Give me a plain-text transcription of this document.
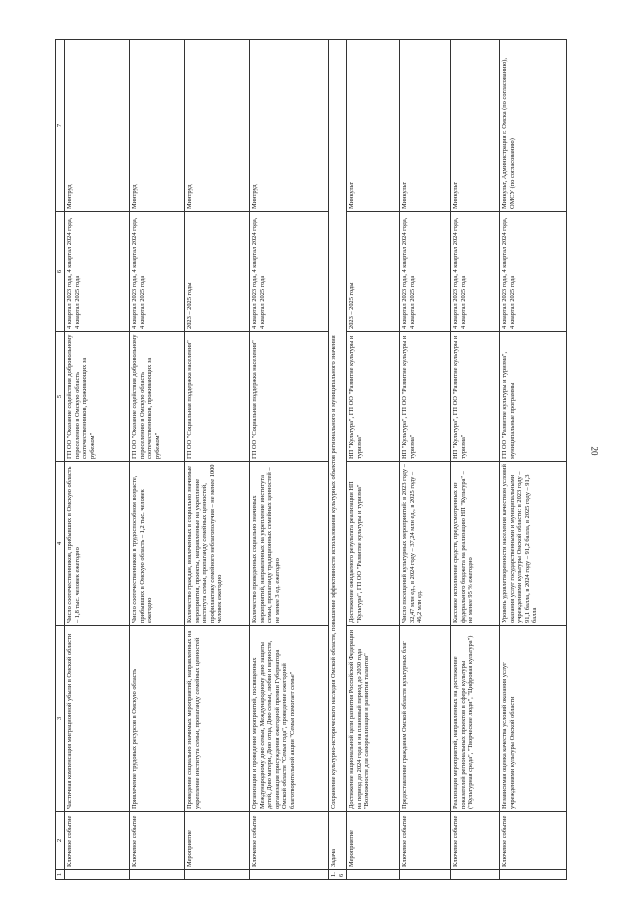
20
1	2	3	4	5	6	7
	Ключевое событие	Частичная компенсация миграционной убыли в Омской области	Число соотечественников, прибывших в Омскую область – 1,8 тыс. человек ежегодно	ГП ОО "Оказание содействия добровольному переселению в Омскую область соотечественников, проживающих за рубежом"	4 квартал 2023 года, 4 квартал 2024 года, 4 квартал 2025 года	Минтруд
	Ключевое событие	Привлечение трудовых ресурсов в Омскую область	Число соотечественников в трудоспособном возрасте, прибывших в Омскую область – 1,2 тыс. человек ежегодно	ГП ОО "Оказание содействия добровольному переселению в Омскую область соотечественников, проживающих за рубежом"	4 квартал 2023 года, 4 квартал 2024 года, 4 квартал 2025 года	Минтруд
	Мероприятие	Проведение социально значимых мероприятий, направленных на укрепление института семьи, пропаганду семейных ценностей	Количество граждан, вовлеченных в социально значимые мероприятия, проекты, направленные на укрепление института семьи, пропаганду семейных ценностей, профилактику семейного неблагополучия – не менее 1000 человек ежегодно	ГП ОО "Социальная поддержка населения"	2023 – 2025 годы	Минтруд
	Ключевое событие	Организация и проведение мероприятий, посвященных Международному дню семьи, Международному дню защиты детей, Дню матери, Дню отца, Дню семьи, любви и верности, организация присуждения ежегодной премии Губернатора Омской области "Семья года", проведение ежегодной благотворительной акции "Семья помогает семье"	Количество проведенных социально значимых мероприятий, направленных на укрепление института семьи, пропаганду традиционных семейных ценностей – не менее 3 ед. ежегодно	ГП ОО "Социальная поддержка населения"	4 квартал 2023 года, 4 квартал 2024 года, 4 квартал 2025 года	Минтруд
1.6	Задача	Сохранение культурно-исторического наследия Омской области, повышение эффективности использования культурных объектов регионального и муниципального значения				
	Мероприятие	Достижение национальной цели развития Российской Федерации на период до 2024 года и на плановый период до 2030 года "Возможности для самореализации и развития талантов"	Достижение ожидаемого результата реализации НП "Культура", ГП ОО "Развитие культуры и туризма"	НП "Культура", ГП ОО "Развитие культуры и туризма"	2023 – 2025 годы	Минкульт
	Ключевое событие	Предоставление гражданам Омской области культурных благ	Число посещений культурных мероприятий: в 2023 году – 32,47 млн ед., в 2024 году – 37,24 млн ед., в 2025 году – 46,2 млн ед.	НП "Культура", ГП ОО "Развитие культуры и туризма"	4 квартал 2023 года, 4 квартал 2024 года, 4 квартал 2025 года	Минкульт
	Ключевое событие	Реализация мероприятий, направленных на достижение показателей региональных проектов в сфере культуры ("Культурная среда", "Творческие люди", "Цифровая культура")	Кассовое исполнение средств, предусмотренных из федерального бюджета на реализацию НП "Культура" – не менее 95 % ежегодно	НП "Культура", ГП ОО "Развитие культуры и туризма"	4 квартал 2023 года, 4 квартал 2024 года, 4 квартал 2025 года	Минкульт
	Ключевое событие	Независимая оценка качества условий оказания услуг учреждениями культуры Омской области	Уровень удовлетворенности населения качеством условий оказания услуг государственными и муниципальными учреждениями культуры Омской области: в 2023 году – 91,1 балла, в 2024 году – 91,2 балла, в 2025 году – 91,3 балла	ГП ОО "Развитие культуры и туризма", муниципальные программы	4 квартал 2023 года, 4 квартал 2024 года, 4 квартал 2025 года	Минкульт, Администрация г. Омска (по согласованию), ОМСУ (по согласованию)
